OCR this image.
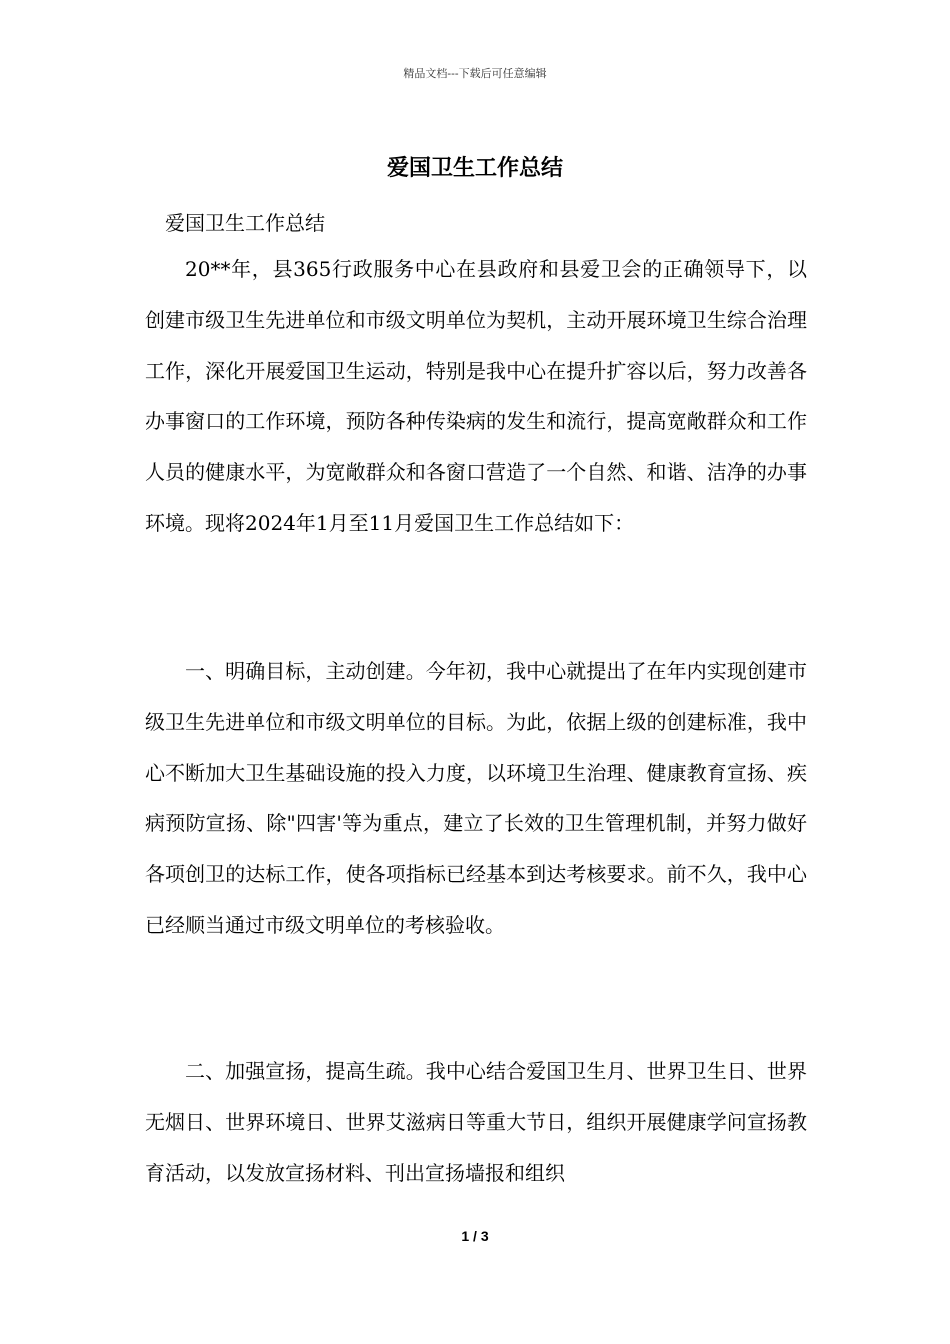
精品文档---下载后可任意编辑
爱国卫生工作总结
爱国卫生工作总结

20**年，县365行政服务中心在县政府和县爱卫会的正确领导下，以创建市级卫生先进单位和市级文明单位为契机，主动开展环境卫生综合治理工作，深化开展爱国卫生运动，特别是我中心在提升扩容以后，努力改善各办事窗口的工作环境，预防各种传染病的发生和流行，提高宽敞群众和工作人员的健康水平，为宽敞群众和各窗口营造了一个自然、和谐、洁净的办事环境。现将2024年1月至11月爱国卫生工作总结如下：

一、明确目标，主动创建。今年初，我中心就提出了在年内实现创建市级卫生先进单位和市级文明单位的目标。为此，依据上级的创建标准，我中心不断加大卫生基础设施的投入力度，以环境卫生治理、健康教育宣扬、疾病预防宣扬、除"四害'等为重点，建立了长效的卫生管理机制，并努力做好各项创卫的达标工作，使各项指标已经基本到达考核要求。前不久，我中心已经顺当通过市级文明单位的考核验收。

二、加强宣扬，提高生疏。我中心结合爱国卫生月、世界卫生日、世界无烟日、世界环境日、世界艾滋病日等重大节日，组织开展健康学问宣扬教育活动，以发放宣扬材料、刊出宣扬墙报和组织

1 / 3
